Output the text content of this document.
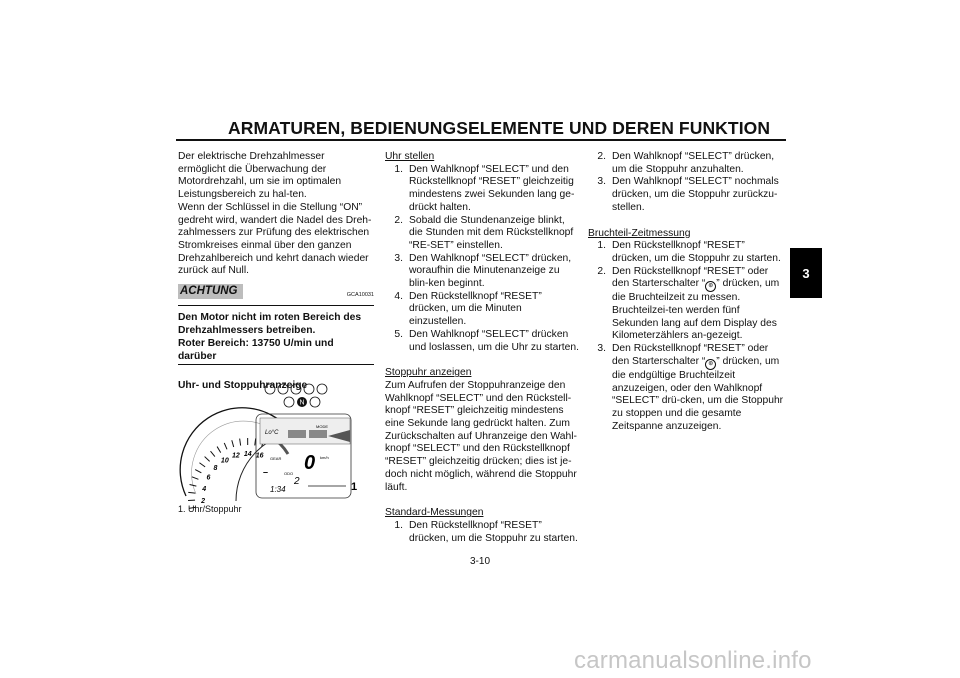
ARMATUREN, BEDIENUNGSELEMENTE UND DEREN FUNKTION
3

Der elektrische Drehzahlmesser ermöglicht die Überwachung der Motordrehzahl, um sie im optimalen Leistungsbereich zu hal-ten.

Wenn der Schlüssel in die Stellung “ON” gedreht wird, wandert die Nadel des Dreh-zahlmessers zur Prüfung des elektrischen Stromkreises einmal über den ganzen Drehzahlbereich und kehrt danach wieder zurück auf Null.

ACHTUNG	GCA10031
Den Motor nicht im roten Bereich des Drehzahlmessers betreiben.
Roter Bereich: 13750 U/min und darüber
Uhr- und Stoppuhranzeige
2
4
6
8
10
12 14 16
N
Lo°C
MODE
GEAR
– 0 km/h
ODO
2
1:34	1
1. Uhr/Stoppuhr
Uhr stellen
1. Den Wahlknopf “SELECT” und den Rückstellknopf “RESET” gleichzeitig mindestens zwei Sekunden lang ge-drückt halten.
2. Sobald die Stundenanzeige blinkt, die Stunden mit dem Rückstellknopf “RE-SET” einstellen.
3. Den Wahlknopf “SELECT” drücken, woraufhin die Minutenanzeige zu blin-ken beginnt.
4. Den Rückstellknopf “RESET” drücken, um die Minuten einzustellen.
5. Den Wahlknopf “SELECT” drücken und loslassen, um die Uhr zu starten.
Stoppuhr anzeigen

Zum Aufrufen der Stoppuhranzeige den Wahlknopf “SELECT” und den Rückstell-knopf “RESET” gleichzeitig mindestens eine Sekunde lang gedrückt halten. Zum Zurückschalten auf Uhranzeige den Wahl-knopf “SELECT” und den Rückstellknopf “RESET” gleichzeitig drücken; dies ist je-doch nicht möglich, während die Stoppuhr läuft.

Standard-Messungen
1. Den Rückstellknopf “RESET” drücken, um die Stoppuhr zu starten.
2. Den Wahlknopf “SELECT” drücken, um die Stoppuhr anzuhalten.
3. Den Wahlknopf “SELECT” nochmals drücken, um die Stoppuhr zurückzu-stellen.
Bruchteil-Zeitmessung
1. Den Rückstellknopf “RESET” drücken, um die Stoppuhr zu starten.
2. Den Rückstellknopf “RESET” oder den Starterschalter “ ⊛ ” drücken, um die Bruchteilzeit zu messen. Bruchteilzei-ten werden fünf Sekunden lang auf dem Display des Kilometerzählers an-gezeigt.
3. Den Rückstellknopf “RESET” oder den Starterschalter “ ⊛ ” drücken, um die endgültige Bruchteilzeit anzuzeigen, oder den Wahlknopf “SELECT” drü-cken, um die Stoppuhr zu stoppen und die gesamte Zeitspanne anzuzeigen.
3-10
carmanualsonline.info
